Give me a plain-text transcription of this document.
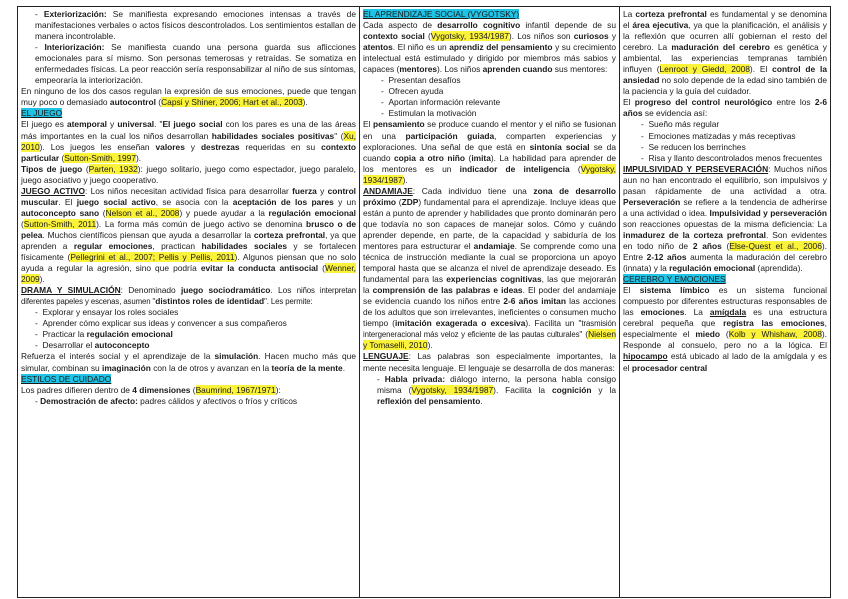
- Exteriorización: Se manifiesta expresando emociones intensas a través de manifestaciones verbales o actos físicos descontrolados. Los sentimientos estallan de manera incontrolable.

- Interiorización: Se manifiesta cuando una persona guarda sus aflicciones emocionales para sí mismo. Son personas temerosas y retraídas. Se somatiza en enfermedades físicas. La peor reacción sería responsabilizar al niño de sus síntomas, empeoraría la interiorización.

En ninguno de los dos casos regulan la expresión de sus emociones, puede que tengan muy poco o demasiado autocontrol (Capsi y Shiner, 2006; Hart et al., 2003).

EL JUEGO

El juego es atemporal y universal. "El juego social con los pares es una de las áreas más importantes en la cual los niños desarrollan habilidades sociales positivas" (Xu, 2010). Los juegos les enseñan valores y destrezas requeridas en su contexto particular (Sutton-Smith, 1997).

Tipos de juego (Parten, 1932): juego solitario, juego como espectador, juego paralelo, juego asociativo y juego cooperativo.

JUEGO ACTIVO: Los niños necesitan actividad física para desarrollar fuerza y control muscular. El juego social activo, se asocia con la aceptación de los pares y un autoconcepto sano (Nelson et al., 2008) y puede ayudar a la regulación emocional (Sutton-Smith, 2011). La forma más común de juego activo se denomina brusco o de pelea. Muchos científicos piensan que ayuda a desarrollar la corteza prefrontal, ya que aprenden a regular emociones, practican habilidades sociales y se fortalecen físicamente (Pellegrini et al., 2007; Pellis y Pellis, 2011). Algunos piensan que no solo ayuda a regular la agresión, sino que podría evitar la conducta antisocial (Wenner, 2009).

DRAMA Y SIMULACIÓN: Denominado juego sociodramático. Los niños interpretan diferentes papeles y escenas, asumen "distintos roles de identidad". Les permite:

-  Explorar y ensayar los roles sociales

-  Aprender cómo explicar sus ideas y convencer a sus compañeros

-  Practicar la regulación emocional

-  Desarrollar el autoconcepto

Refuerza el interés social y el aprendizaje de la simulación. Hacen mucho más que simular, combinan su imaginación con la de otros y avanzan en la teoría de la mente.

ESTILOS DE CUIDADO

Los padres difieren dentro de 4 dimensiones (Baumrind, 1967/1971):

- Demostración de afecto: padres cálidos y afectivos o fríos y críticos

EL APRENDIZAJE SOCIAL (VYGOTSKY)

Cada aspecto de desarrollo cognitivo infantil depende de su contexto social (Vygotsky, 1934/1987). Los niños son curiosos y atentos. El niño es un aprendiz del pensamiento y su crecimiento intelectual está estimulado y dirigido por miembros más sabios y capaces (mentores). Los niños aprenden cuando sus mentores:

-  Presentan desafíos

-  Ofrecen ayuda

-  Aportan información relevante

-  Estimulan la motivación

El pensamiento se produce cuando el mentor y el niño se fusionan en una participación guiada, comparten experiencias y exploraciones. Una señal de que está en sintonía social se da cuando copia a otro niño (imita). La habilidad para aprender de los mentores es un indicador de inteligencia (Vygotsky, 1934/1987).

ANDAMIAJE: Cada individuo tiene una zona de desarrollo próximo (ZDP) fundamental para el aprendizaje. Incluye ideas que están a punto de aprender y habilidades que pronto dominarán pero que todavía no son capaces de manejar solos. Cómo y cuándo aprender depende, en parte, de la capacidad y sabiduría de los mentores para estructurar el andamiaje. Se comprende como una técnica de instrucción mediante la cual se proporciona un apoyo temporal hasta que se alcanza el nivel de aprendizaje deseado. Es fundamental para las experiencias cognitivas, las que mejorarán la comprensión de las palabras e ideas. El poder del andamiaje se evidencia cuando los niños entre 2-6 años imitan las acciones de los adultos que son irrelevantes, ineficientes o consumen mucho tiempo (imitación exagerada o excesiva). Facilita un "trasmisión intergeneracional más veloz y eficiente de las pautas culturales" (Nielsen y Tomaselli, 2010).

LENGUAJE: Las palabras son especialmente importantes, la mente necesita lenguaje. El lenguaje se desarrolla de dos maneras:

- Habla privada: diálogo interno, la persona habla consigo misma (Vygotsky, 1934/1987). Facilita la cognición y la reflexión del pensamiento.

La corteza prefrontal es fundamental y se denomina el área ejecutiva, ya que la planificación, el análisis y la reflexión que ocurren allí gobiernan el resto del cerebro. La maduración del cerebro es genética y ambiental, las experiencias tempranas también influyen (Lenroot y Giedd, 2008). El control de la ansiedad no solo depende de la edad sino también de la paciencia y la guía del cuidador.

El progreso del control neurológico entre los 2-6 años se evidencia así:

-  Sueño más regular

-  Emociones matizadas y más receptivas

-  Se reducen los berrinches

-  Risa y llanto descontrolados menos frecuentes

IMPULSIVIDAD Y PERSEVERACIÓN: Muchos niños aun no han encontrado el equilibrio, son impulsivos y pasan rápidamente de una actividad a otra. Perseveración se refiere a la tendencia de adherirse a una actividad o idea. Impulsividad y perseveración son reacciones opuestas de la misma deficiencia: La inmadurez de la corteza prefrontal. Son evidentes en todo niño de 2 años (Else-Quest et al., 2006). Entre 2-12 años aumenta la maduración del cerebro (innata) y la regulación emocional (aprendida).

CEREBRO Y EMOCIONES

El sistema límbico es un sistema funcional compuesto por diferentes estructuras responsables de las emociones. La amígdala es una estructura cerebral pequeña que registra las emociones, especialmente el miedo (Kolb y Whishaw, 2008). Responde al consuelo, pero no a la lógica. El hipocampo está ubicado al lado de la amígdala y es el procesador central
